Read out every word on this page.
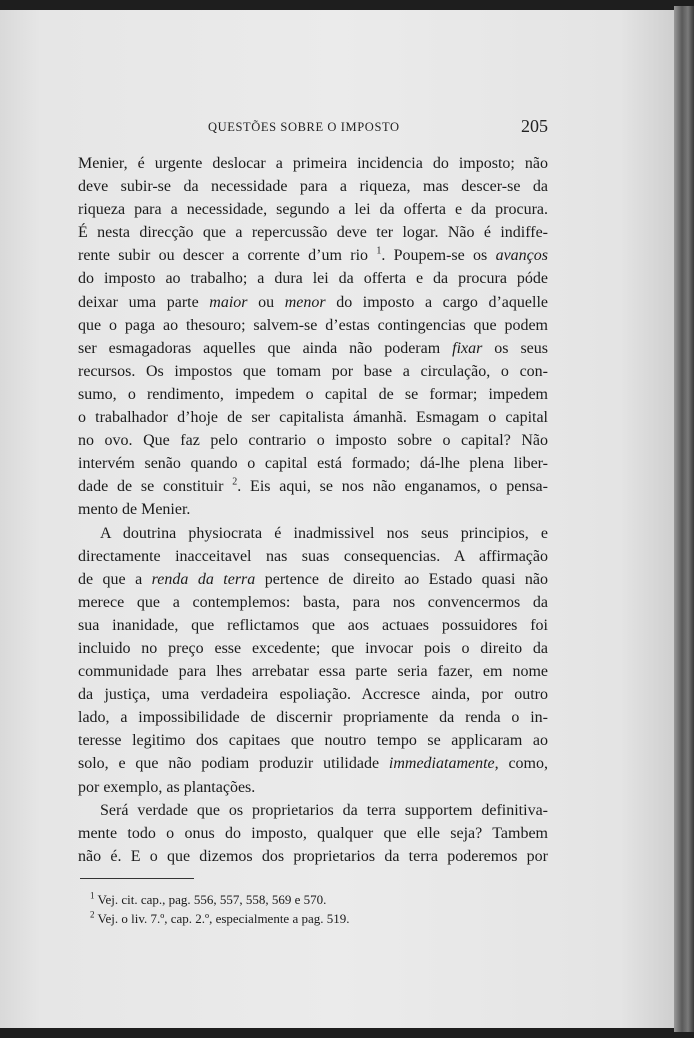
QUESTÕES SOBRE O IMPOSTO	205
Menier, é urgente deslocar a primeira incidencia do imposto; não
deve subir-se da necessidade para a riqueza, mas descer-se da
riqueza para a necessidade, segundo a lei da offerta e da procura.
É nesta direcção que a repercussão deve ter logar. Não é indiffe-
rente subir ou descer a corrente d’um rio $^1$. Poupem-se os avanços
do imposto ao trabalho; a dura lei da offerta e da procura póde
deixar uma parte maior ou menor do imposto a cargo d’aquelle
que o paga ao thesouro; salvem-se d’estas contingencias que podem
ser esmagadoras aquelles que ainda não poderam fixar os seus
recursos. Os impostos que tomam por base a circulação, o con-
sumo, o rendimento, impedem o capital de se formar; impedem
o trabalhador d’hoje de ser capitalista ámanhã. Esmagam o capital
no ovo. Que faz pelo contrario o imposto sobre o capital? Não
intervém senão quando o capital está formado; dá-lhe plena liber-
dade de se constituir $^2$. Eis aqui, se nos não enganamos, o pensa-
mento de Menier.
A doutrina physiocrata é inadmissivel nos seus principios, e
directamente inacceitavel nas suas consequencias. A affirmação
de que a renda da terra pertence de direito ao Estado quasi não
merece que a contemplemos: basta, para nos convencermos da
sua inanidade, que reflictamos que aos actuaes possuidores foi
incluido no preço esse excedente; que invocar pois o direito da
communidade para lhes arrebatar essa parte seria fazer, em nome
da justiça, uma verdadeira espoliação. Accresce ainda, por outro
lado, a impossibilidade de discernir propriamente da renda o in-
teresse legitimo dos capitaes que noutro tempo se applicaram ao
solo, e que não podiam produzir utilidade immediatamente, como,
por exemplo, as plantações.
Será verdade que os proprietarios da terra supportem definitiva-
mente todo o onus do imposto, qualquer que elle seja? Tambem
não é. E o que dizemos dos proprietarios da terra poderemos por
$^1$ Vej. cit. cap., pag. 556, 557, 558, 569 e 570.
$^2$ Vej. o liv. 7.º, cap. 2.º, especialmente a pag. 519.
